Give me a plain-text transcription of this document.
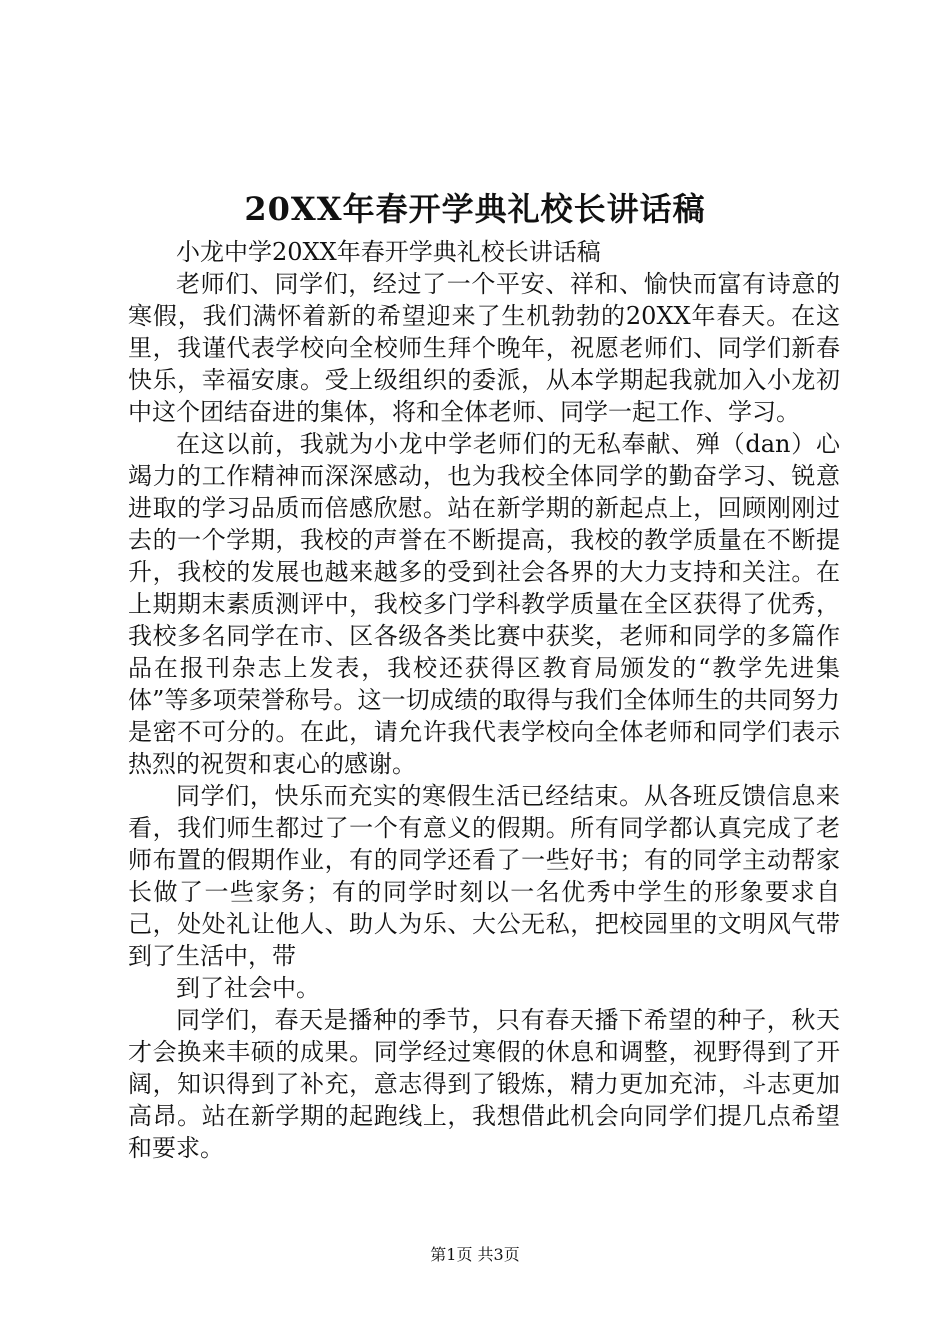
20XX年春开学典礼校长讲话稿

小龙中学20XX年春开学典礼校长讲话稿

老师们、同学们，经过了一个平安、祥和、愉快而富有诗意的寒假，我们满怀着新的希望迎来了生机勃勃的20XX年春天。在这里，我谨代表学校向全校师生拜个晚年，祝愿老师们、同学们新春快乐，幸福安康。受上级组织的委派，从本学期起我就加入小龙初中这个团结奋进的集体，将和全体老师、同学一起工作、学习。

在这以前，我就为小龙中学老师们的无私奉献、殚（dan）心竭力的工作精神而深深感动，也为我校全体同学的勤奋学习、锐意进取的学习品质而倍感欣慰。站在新学期的新起点上，回顾刚刚过去的一个学期，我校的声誉在不断提高，我校的教学质量在不断提升，我校的发展也越来越多的受到社会各界的大力支持和关注。在上期期末素质测评中，我校多门学科教学质量在全区获得了优秀，我校多名同学在市、区各级各类比赛中获奖，老师和同学的多篇作品在报刊杂志上发表，我校还获得区教育局颁发的“教学先进集体”等多项荣誉称号。这一切成绩的取得与我们全体师生的共同努力是密不可分的。在此，请允许我代表学校向全体老师和同学们表示热烈的祝贺和衷心的感谢。

同学们，快乐而充实的寒假生活已经结束。从各班反馈信息来看，我们师生都过了一个有意义的假期。所有同学都认真完成了老师布置的假期作业，有的同学还看了一些好书；有的同学主动帮家长做了一些家务；有的同学时刻以一名优秀中学生的形象要求自己，处处礼让他人、助人为乐、大公无私，把校园里的文明风气带到了生活中，带

到了社会中。

同学们，春天是播种的季节，只有春天播下希望的种子，秋天才会换来丰硕的成果。同学经过寒假的休息和调整，视野得到了开阔，知识得到了补充，意志得到了锻炼，精力更加充沛，斗志更加高昂。站在新学期的起跑线上，我想借此机会向同学们提几点希望和要求。

第1页 共3页
